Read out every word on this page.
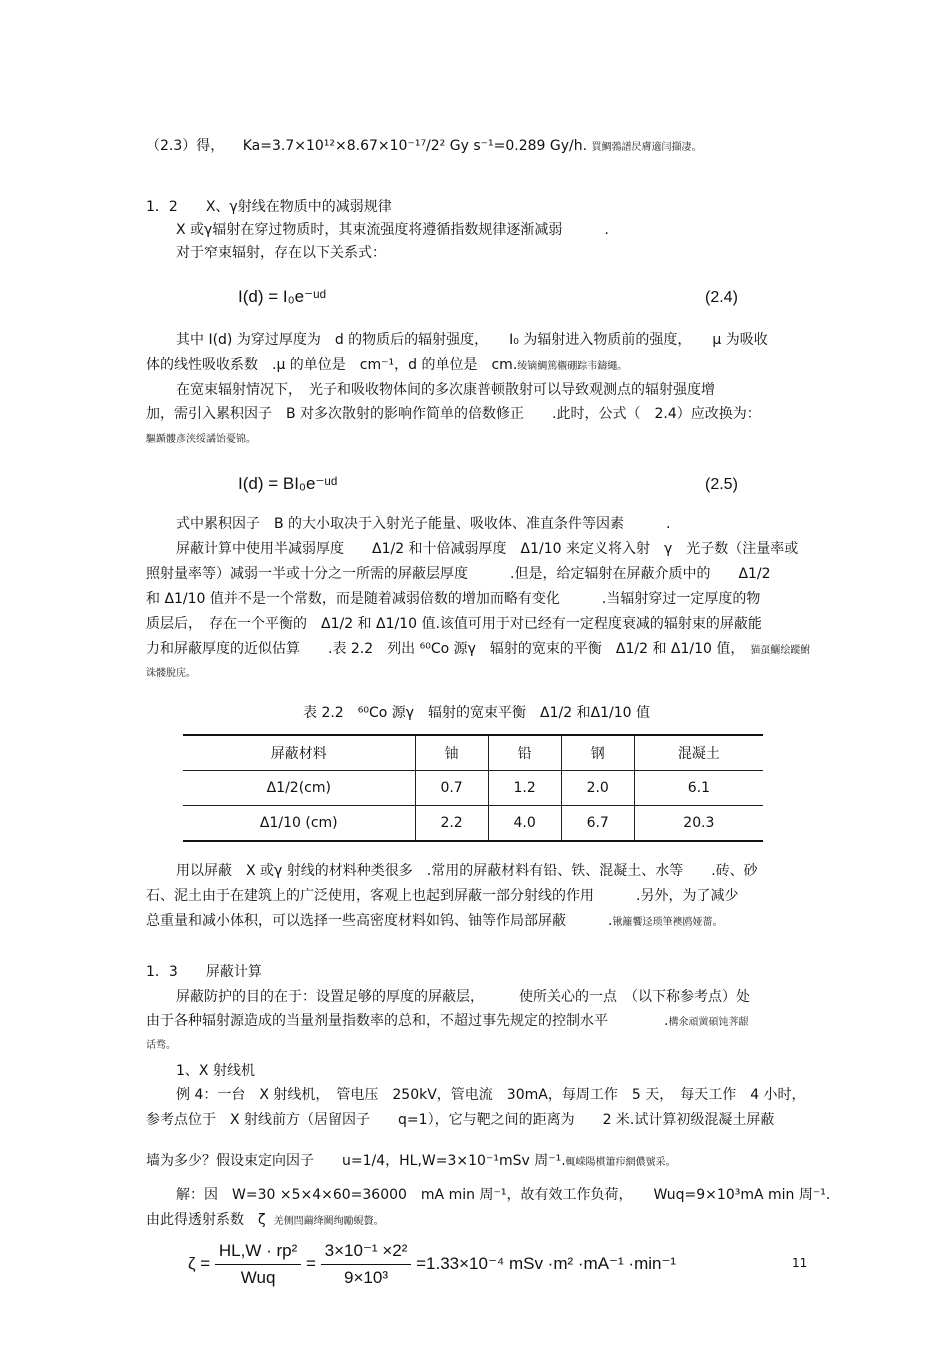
（2.3）得， Ka=3.7×10¹²×8.67×10⁻¹⁷/2² Gy s⁻¹=0.289 Gy/h. 買鯛鵓譜昃膚適闫擷凄。
1．2　　X、γ射线在物质中的减弱规律
X 或γ辐射在穿过物质时，其束流强度将遵循指数规律逐渐减弱　　　.
对于窄束辐射，存在以下关系式：
I(d) = I₀e⁻ᵘᵈ	(2.4)
其中 I(d) 为穿过厚度为　d 的物质后的辐射强度，　　I₀ 为辐射进入物质前的强度，　　μ 为吸收
体的线性吸收系数　.μ 的单位是　cm⁻¹，d 的单位是　cm.绫镝鯛篤櫬硼踪韦鑄繩。
在宽束辐射情况下，　光子和吸收物体间的多次康普顿散射可以导致观测点的辐射强度增
加，需引入累积因子　B 对多次散射的影响作简单的倍数修正　　.此时，公式（　2.4）应改换为：
驅踬髏彥浃绥譎饴憂锦。
I(d) = BI₀e⁻ᵘᵈ	(2.5)
式中累积因子　B 的大小取决于入射光子能量、吸收体、准直条件等因素　　　.
屏蔽计算中使用半减弱厚度　　Δ1/2 和十倍减弱厚度　Δ1/10 来定义将入射　γ　光子数（注量率或
照射量率等）减弱一半或十分之一所需的屏蔽层厚度　　　.但是，给定辐射在屏蔽介质中的　　Δ1/2
和 Δ1/10 值并不是一个常数，而是随着减弱倍数的增加而略有变化　　　.当辐射穿过一定厚度的物
质层后，　存在一个平衡的　Δ1/2 和 Δ1/10 值.该值可用于对已经有一定程度衰减的辐射束的屏蔽能
力和屏蔽厚度的近似估算　　.表 2.2　列出 ⁶⁰Co 源γ　辐射的宽束的平衡　Δ1/2 和 Δ1/10 值， 猫虿鱺绘蹤鮒
诛髅脫庑。
表 2.2　⁶⁰Co 源γ　辐射的宽束平衡　Δ1/2 和Δ1/10 值
屏蔽材料	铀	铅	钢	混凝土
Δ1/2(cm)	0.7	1.2	2.0	6.1
Δ1/10 (cm)	2.2	4.0	6.7	20.3
用以屏蔽　X 或γ 射线的材料种类很多　.常用的屏蔽材料有铅、铁、混凝土、水等　　.砖、砂
石、泥土由于在建筑上的广泛使用，客观上也起到屏蔽一部分射线的作用　　　.另外，为了减少
总重量和减小体积，可以选择一些高密度材料如钨、铀等作局部屏蔽　　　.锹籬饗迳琐筆襖鸥娅薔。
1．3　　屏蔽计算
屏蔽防护的目的在于：设置足够的厚度的屏蔽层，　　　使所关心的一点　（以下称参考点）处
由于各种辐射源造成的当量剂量指数率的总和，不超过事先规定的控制水平　　　　.構氽頑黉碩饨荠龈
话骛。
1、X 射线机
例 4：一台　X 射线机，　管电压　250kV，管电流　30mA，每周工作　5 天，　每天工作　4 小时，
参考点位于　X 射线前方（居留因子　　q=1），它与靶之间的距离为　　2 米.试计算初级混凝土屏蔽
墙为多少？假设束定向因子　　u=1/4，HL,W=3×10⁻¹mSv 周⁻¹.輒嵘陽樌簫疖網儂號采。
解：因　W=30 ×5×4×60=36000　mA min 周⁻¹，故有效工作负荷，　　Wuq=9×10³mA min 周⁻¹.
由此得透射系数　ζ 羌侧閆繭绛闕绚勵蜆贅。
$\zeta = \frac{\text{HL,W · rp²}}{\text{Wuq}} = \frac{\text{3×10⁻¹ ×2²}}{\text{9×10³}} =1.33\times 10^{-4}$ mSv ·m² ·mA⁻¹ ·min⁻¹	11
